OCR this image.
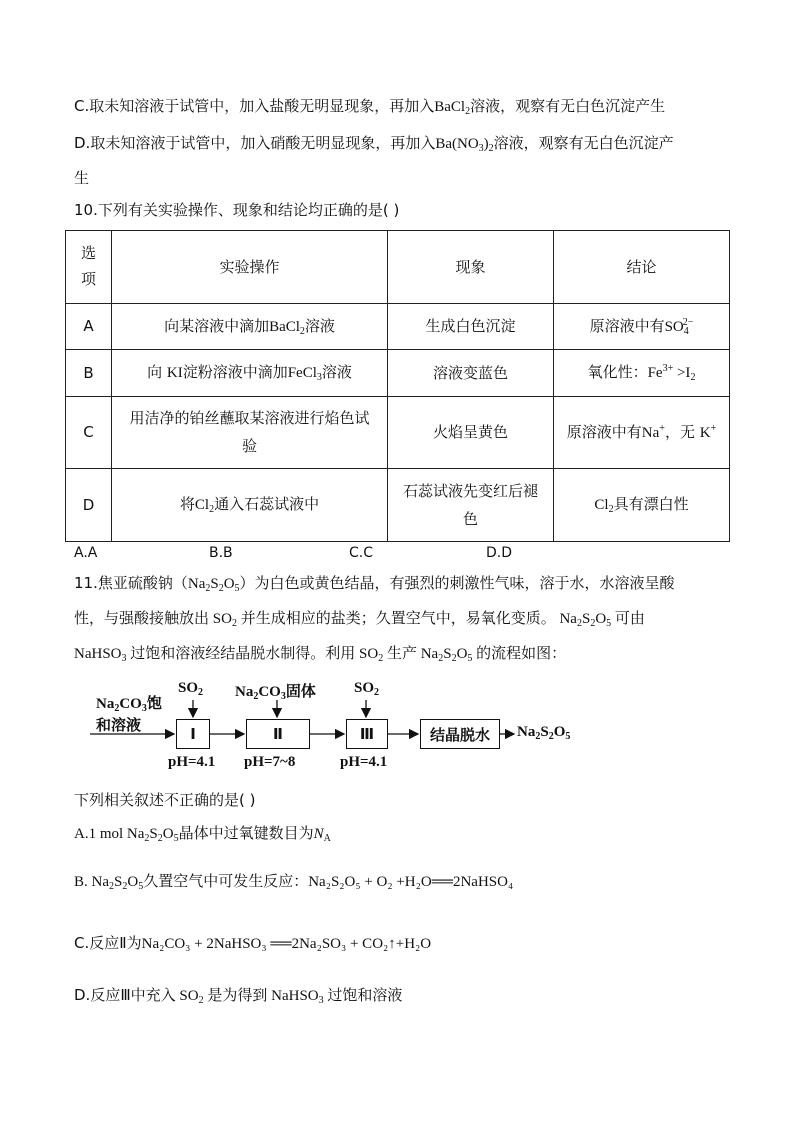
C.取未知溶液于试管中，加入盐酸无明显现象，再加入BaCl$_2$溶液，观察有无白色沉淀产生
D.取未知溶液于试管中，加入硝酸无明显现象，再加入$Ba(NO_3)_2$溶液，观察有无白色沉淀产
生
10.下列有关实验操作、现象和结论均正确的是( )
选
项	实验操作	现象	结论
A	向某溶液中滴加BaCl$_2$溶液	生成白色沉淀	原溶液中有$SO_4^{2-}$
B	向 KI淀粉溶液中滴加FeCl$_3$溶液	溶液变蓝色	氧化性：$Fe^{3+} >I_2$
C	用洁净的铂丝蘸取某溶液进行焰色试验	火焰呈黄色	原溶液中有Na+，无 K+
D	将$Cl_2$通入石蕊试液中	石蕊试液先变红后褪色	$Cl_2$具有漂白性
A.A	B.B	C.C	D.D
11.焦亚硫酸钠$(Na_2S_2O_5)$为白色或黄色结晶，有强烈的刺激性气味，溶于水，水溶液呈酸
性，与强酸接触放出 $SO_2$ 并生成相应的盐类；久置空气中，易氧化变质。 $Na_2S_2O_5$ 可由
NaHSO$_3$ 过饱和溶液经结晶脱水制得。利用 $SO_2$ 生产 $Na_2S_2O_5$ 的流程如图：
$Na_2CO_3$饱
和溶液
$SO_2$ $Na_2CO_3$固体	$SO_2$
Ⅰ	Ⅱ	Ⅲ	结晶脱水
pH=4.1 pH=7~8	pH=4.1
$Na_2S_2O_5$
下列相关叙述不正确的是( )
A.1 mol $Na_2S_2O_5$晶体中过氧键数目为$N_A$
B. $Na_2S_2O_5$久置空气中可发生反应：Na₂S₂O₅ + O₂ +H₂O══2NaHSO₄
C.反应Ⅱ为Na₂CO₃ + 2NaHSO₃ ══2Na₂SO₃ + CO₂↑+H₂O
D.反应Ⅲ中充入 $SO_2$ 是为得到 NaHSO$_3$ 过饱和溶液
